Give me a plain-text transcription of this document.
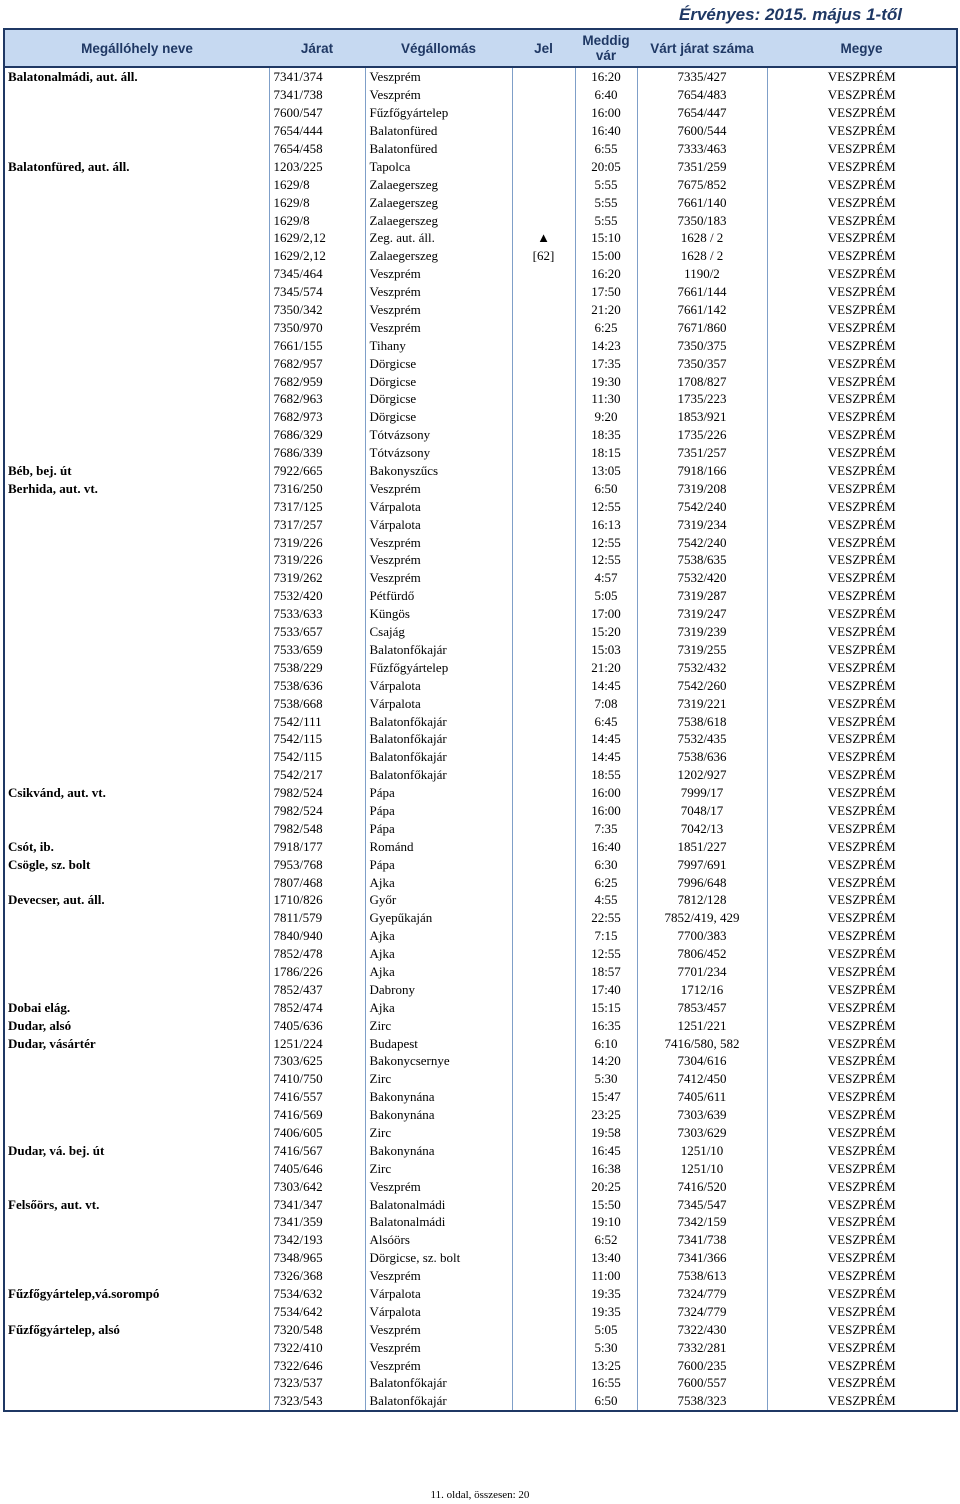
Érvényes: 2015. május 1-től
Megállóhely neve	Járat	Végállomás	Jel	Meddig
vár	Várt járat száma	Megye
Balatonalmádi, aut. áll.	7341/374	Veszprém		16:20	7335/427	VESZPRÉM
	7341/738	Veszprém		6:40	7654/483	VESZPRÉM
	7600/547	Fűzfőgyártelep		16:00	7654/447	VESZPRÉM
	7654/444	Balatonfüred		16:40	7600/544	VESZPRÉM
	7654/458	Balatonfüred		6:55	7333/463	VESZPRÉM
Balatonfüred, aut. áll.	1203/225	Tapolca		20:05	7351/259	VESZPRÉM
	1629/8	Zalaegerszeg		5:55	7675/852	VESZPRÉM
	1629/8	Zalaegerszeg		5:55	7661/140	VESZPRÉM
	1629/8	Zalaegerszeg		5:55	7350/183	VESZPRÉM
	1629/2,12	Zeg. aut. áll.	▲	15:10	1628 / 2	VESZPRÉM
	1629/2,12	Zalaegerszeg	[62]	15:00	1628 / 2	VESZPRÉM
	7345/464	Veszprém		16:20	1190/2	VESZPRÉM
	7345/574	Veszprém		17:50	7661/144	VESZPRÉM
	7350/342	Veszprém		21:20	7661/142	VESZPRÉM
	7350/970	Veszprém		6:25	7671/860	VESZPRÉM
	7661/155	Tihany		14:23	7350/375	VESZPRÉM
	7682/957	Dörgicse		17:35	7350/357	VESZPRÉM
	7682/959	Dörgicse		19:30	1708/827	VESZPRÉM
	7682/963	Dörgicse		11:30	1735/223	VESZPRÉM
	7682/973	Dörgicse		9:20	1853/921	VESZPRÉM
	7686/329	Tótvázsony		18:35	1735/226	VESZPRÉM
	7686/339	Tótvázsony		18:15	7351/257	VESZPRÉM
Béb, bej. út	7922/665	Bakonyszűcs		13:05	7918/166	VESZPRÉM
Berhida, aut. vt.	7316/250	Veszprém		6:50	7319/208	VESZPRÉM
	7317/125	Várpalota		12:55	7542/240	VESZPRÉM
	7317/257	Várpalota		16:13	7319/234	VESZPRÉM
	7319/226	Veszprém		12:55	7542/240	VESZPRÉM
	7319/226	Veszprém		12:55	7538/635	VESZPRÉM
	7319/262	Veszprém		4:57	7532/420	VESZPRÉM
	7532/420	Pétfürdő		5:05	7319/287	VESZPRÉM
	7533/633	Küngös		17:00	7319/247	VESZPRÉM
	7533/657	Csajág		15:20	7319/239	VESZPRÉM
	7533/659	Balatonfőkajár		15:03	7319/255	VESZPRÉM
	7538/229	Fűzfőgyártelep		21:20	7532/432	VESZPRÉM
	7538/636	Várpalota		14:45	7542/260	VESZPRÉM
	7538/668	Várpalota		7:08	7319/221	VESZPRÉM
	7542/111	Balatonfőkajár		6:45	7538/618	VESZPRÉM
	7542/115	Balatonfőkajár		14:45	7532/435	VESZPRÉM
	7542/115	Balatonfőkajár		14:45	7538/636	VESZPRÉM
	7542/217	Balatonfőkajár		18:55	1202/927	VESZPRÉM
Csikvánd, aut. vt.	7982/524	Pápa		16:00	7999/17	VESZPRÉM
	7982/524	Pápa		16:00	7048/17	VESZPRÉM
	7982/548	Pápa		7:35	7042/13	VESZPRÉM
Csót, ib.	7918/177	Románd		16:40	1851/227	VESZPRÉM
Csögle, sz. bolt	7953/768	Pápa		6:30	7997/691	VESZPRÉM
	7807/468	Ajka		6:25	7996/648	VESZPRÉM
Devecser, aut. áll.	1710/826	Győr		4:55	7812/128	VESZPRÉM
	7811/579	Gyepűkaján		22:55	7852/419, 429	VESZPRÉM
	7840/940	Ajka		7:15	7700/383	VESZPRÉM
	7852/478	Ajka		12:55	7806/452	VESZPRÉM
	1786/226	Ajka		18:57	7701/234	VESZPRÉM
	7852/437	Dabrony		17:40	1712/16	VESZPRÉM
Dobai elág.	7852/474	Ajka		15:15	7853/457	VESZPRÉM
Dudar, alsó	7405/636	Zirc		16:35	1251/221	VESZPRÉM
Dudar, vásártér	1251/224	Budapest		6:10	7416/580, 582	VESZPRÉM
	7303/625	Bakonycsernye		14:20	7304/616	VESZPRÉM
	7410/750	Zirc		5:30	7412/450	VESZPRÉM
	7416/557	Bakonynána		15:47	7405/611	VESZPRÉM
	7416/569	Bakonynána		23:25	7303/639	VESZPRÉM
	7406/605	Zirc		19:58	7303/629	VESZPRÉM
Dudar, vá. bej. út	7416/567	Bakonynána		16:45	1251/10	VESZPRÉM
	7405/646	Zirc		16:38	1251/10	VESZPRÉM
	7303/642	Veszprém		20:25	7416/520	VESZPRÉM
Felsőörs, aut. vt.	7341/347	Balatonalmádi		15:50	7345/547	VESZPRÉM
	7341/359	Balatonalmádi		19:10	7342/159	VESZPRÉM
	7342/193	Alsóörs		6:52	7341/738	VESZPRÉM
	7348/965	Dörgicse, sz. bolt		13:40	7341/366	VESZPRÉM
	7326/368	Veszprém		11:00	7538/613	VESZPRÉM
Fűzfőgyártelep,vá.sorompó	7534/632	Várpalota		19:35	7324/779	VESZPRÉM
	7534/642	Várpalota		19:35	7324/779	VESZPRÉM
Fűzfőgyártelep, alsó	7320/548	Veszprém		5:05	7322/430	VESZPRÉM
	7322/410	Veszprém		5:30	7332/281	VESZPRÉM
	7322/646	Veszprém		13:25	7600/235	VESZPRÉM
	7323/537	Balatonfőkajár		16:55	7600/557	VESZPRÉM
	7323/543	Balatonfőkajár		6:50	7538/323	VESZPRÉM
11. oldal, összesen: 20
